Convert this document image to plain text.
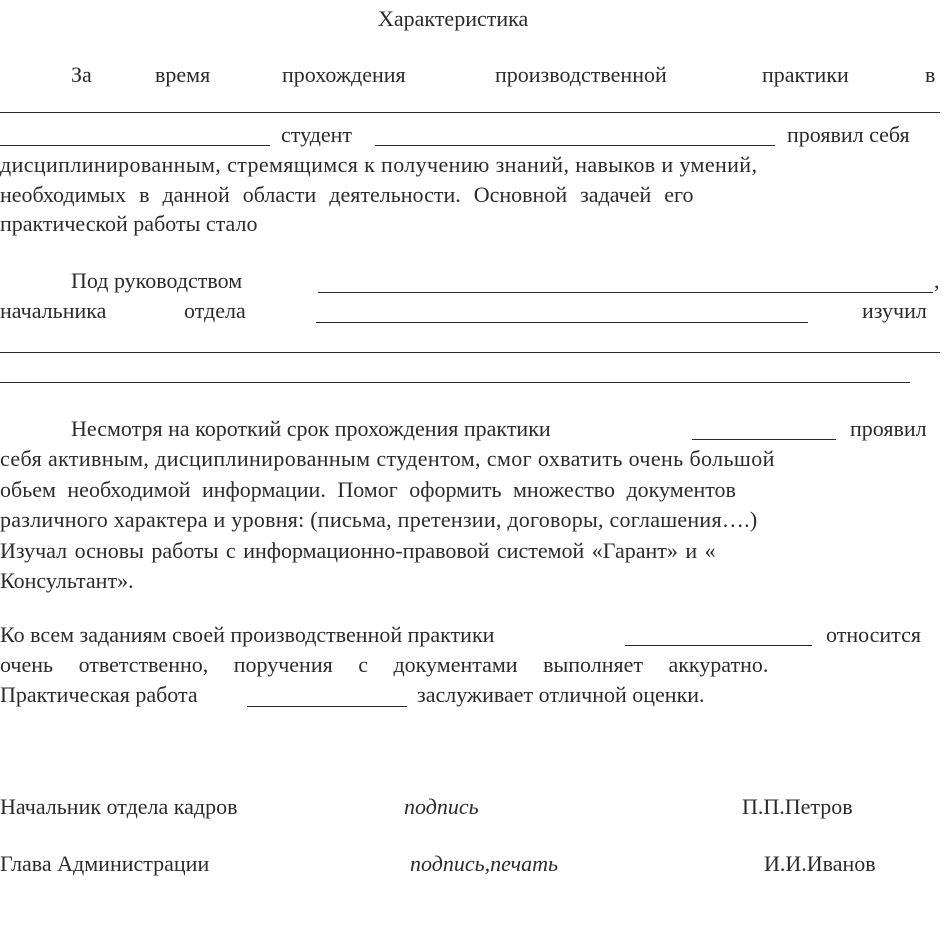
Характеристика
За	время	прохождения	производственной	практики	в
студент	проявил себя
дисциплинированным, стремящимся к получению знаний, навыков и умений,
необходимых в данной области деятельности. Основной задачей его
практической работы стало
Под руководством	,
начальника	отдела	изучил
Несмотря на короткий срок прохождения практики	проявил
себя активным, дисциплинированным студентом, смог охватить очень большой
обьем необходимой информации. Помог оформить множество документов
различного характера и уровня: (письма, претензии, договоры, соглашения….)
Изучал основы работы с информационно-правовой системой «Гарант» и «
Консультант».
Ко всем заданиям своей производственной практики	относится
очень ответственно, поручения с документами выполняет аккуратно.
Практическая работа	заслуживает отличной оценки.
Начальник отдела кадров	подпись	П.П.Петров
Глава Администрации	подпись,печать	И.И.Иванов
